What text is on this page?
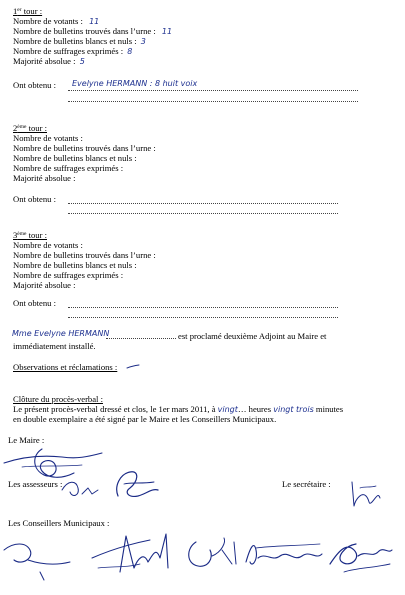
1er tour :
Nombre de votants : 11
Nombre de bulletins trouvés dans l’urne : 11
Nombre de bulletins blancs et nuls : 3
Nombre de suffrages exprimés : 8
Majorité absolue : 5
Ont obtenu : Evelyne HERMANN : 8 huit voix
2ème tour :
Nombre de votants :
Nombre de bulletins trouvés dans l’urne :
Nombre de bulletins blancs et nuls :
Nombre de suffrages exprimés :
Majorité absolue :
Ont obtenu :
3ème tour :
Nombre de votants :
Nombre de bulletins trouvés dans l’urne :
Nombre de bulletins blancs et nuls :
Nombre de suffrages exprimés :
Majorité absolue :
Ont obtenu :
Mme Evelyne HERMANN	est proclamé deuxième Adjoint au Maire et
immédiatement installé.
Observations et réclamations :
Clôture du procès-verbal :
Le présent procès-verbal dressé et clos, le 1er mars 2011, à vingt… heures vingt trois minutes
en double exemplaire a été signé par le Maire et les Conseillers Municipaux.
Le Maire :
Les assesseurs :	Le secrétaire :
Les Conseillers Municipaux :
